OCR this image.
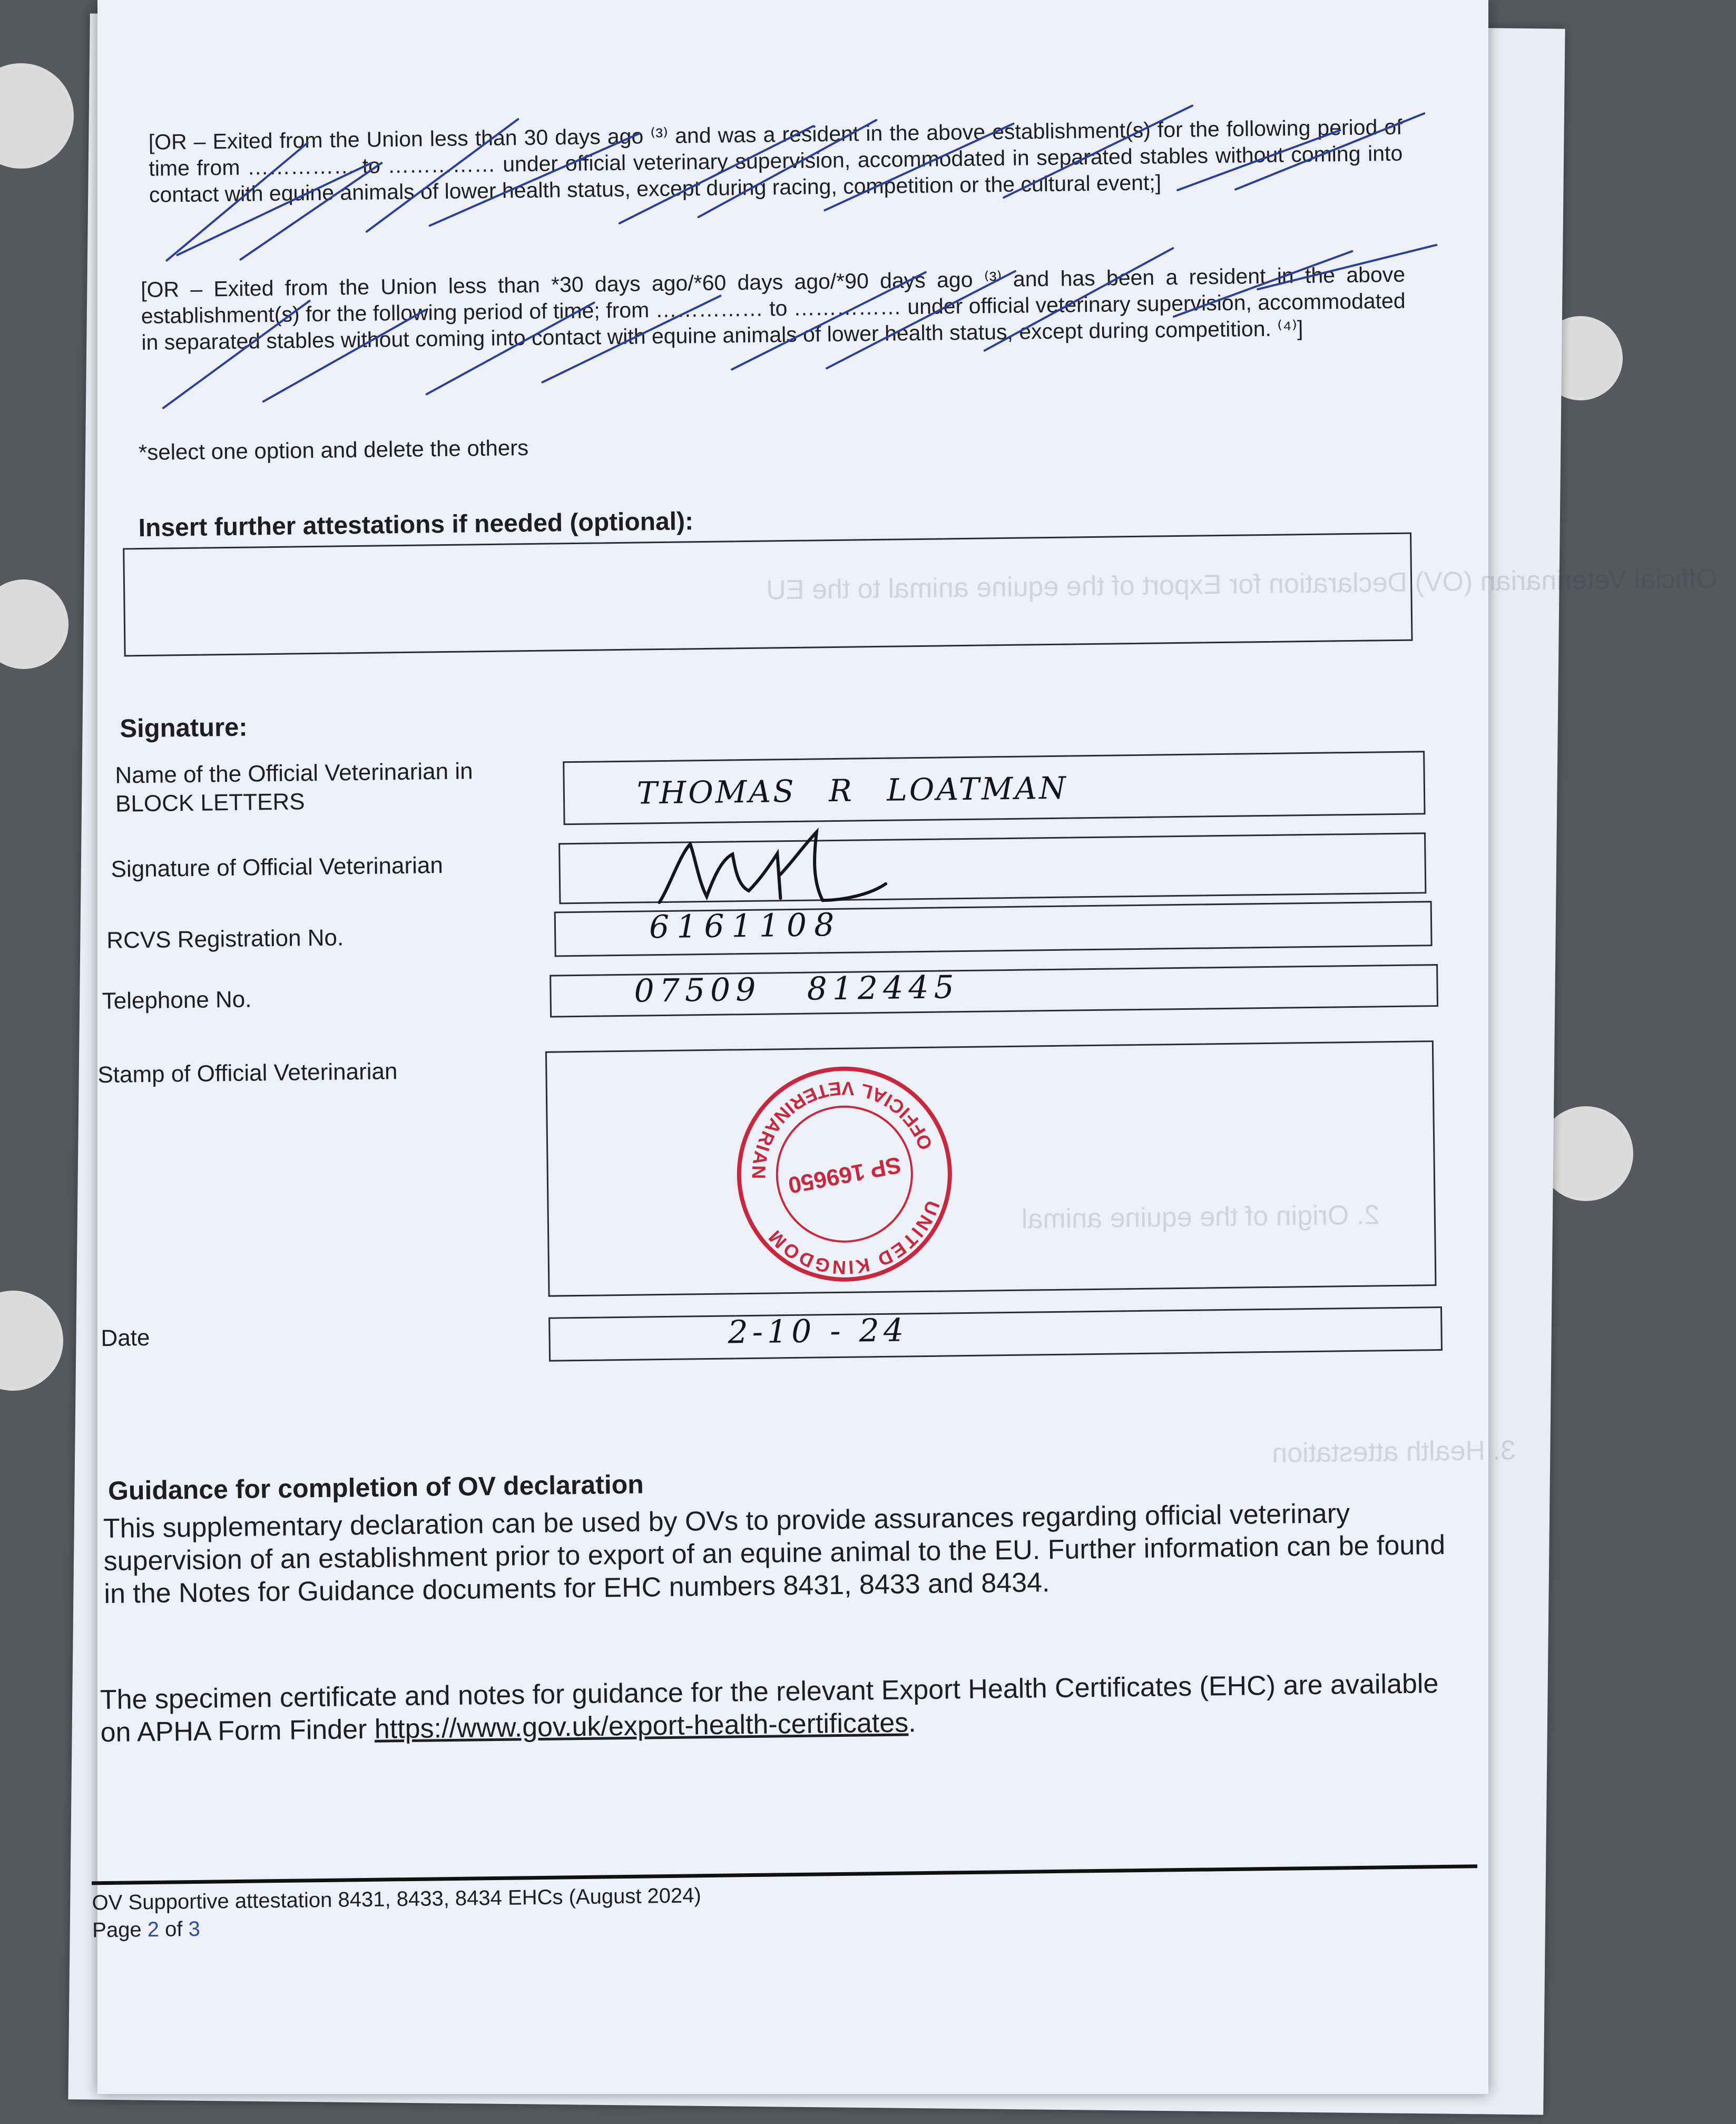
Official Veterinarian (OV) Declaration for Export of the equine animal to the EU
2. Origin of the equine animal
3. Health attestation
[OR – Exited from the Union less than 30 days ago ⁽³⁾ and was a resident in the above establishment(s) for the following period of time from …………… to …………… under official veterinary supervision, accommodated in separated stables without coming into contact with equine animals of lower health status, except during racing, competition or the cultural event;]
[OR – Exited from the Union less than *30 days ago/*60 days ago/*90 days ago ⁽³⁾ and has been a resident in the above establishment(s) for the following period of time; from …………… to …………… under official veterinary supervision, accommodated in separated stables without coming into contact with equine animals of lower health status, except during competition. ⁽⁴⁾]
*select one option and delete the others
Insert further attestations if needed (optional):
Signature:
Name of the Official Veterinarian in BLOCK LETTERS	THOMAS R LOATMAN
Signature of Official Veterinarian
RCVS Registration No.	6161108
Telephone No.	07509   812445
Stamp of Official Veterinarian
UNITED KINGDOM
OFFICIAL VETERINARIAN SP 169650
Date	2-10 - 24
Guidance for completion of OV declaration
This supplementary declaration can be used by OVs to provide assurances regarding official veterinary supervision of an establishment prior to export of an equine animal to the EU. Further information can be found in the Notes for Guidance documents for EHC numbers 8431, 8433 and 8434.
The specimen certificate and notes for guidance for the relevant Export Health Certificates (EHC) are available on APHA Form Finder https://www.gov.uk/export-health-certificates.
OV Supportive attestation 8431, 8433, 8434 EHCs (August 2024)
Page 2 of 3
